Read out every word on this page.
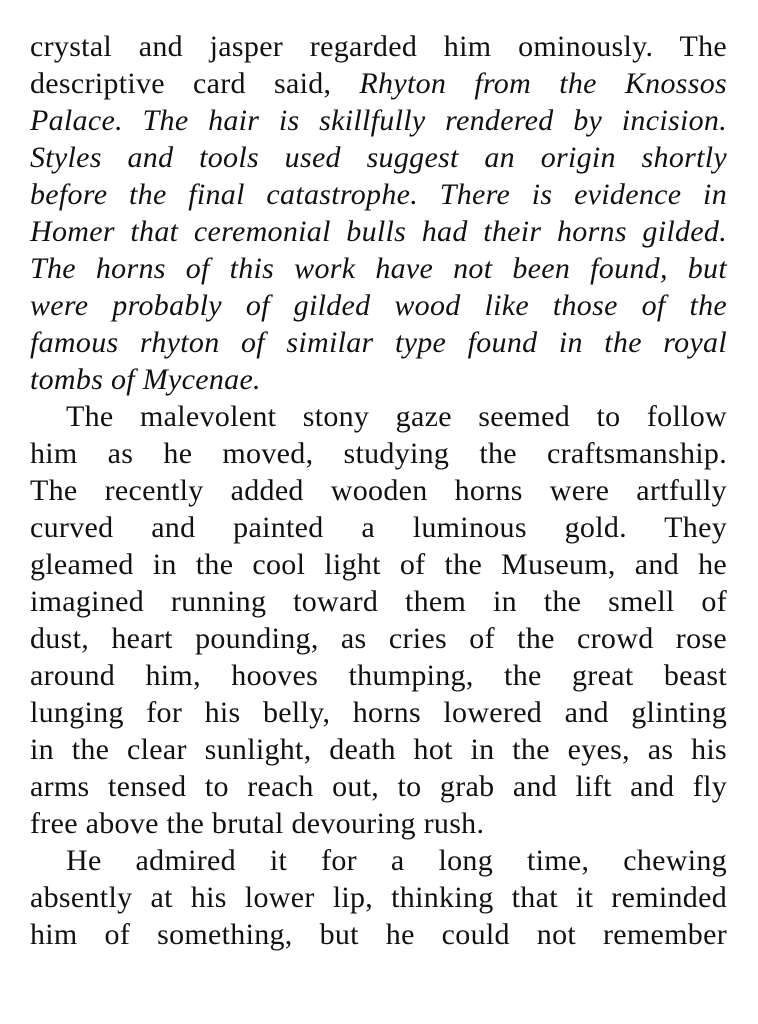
crystal and jasper regarded him ominously. The
descriptive card said, Rhyton from the Knossos
Palace. The hair is skillfully rendered by incision.
Styles and tools used suggest an origin shortly
before the final catastrophe. There is evidence in
Homer that ceremonial bulls had their horns gilded.
The horns of this work have not been found, but
were probably of gilded wood like those of the
famous rhyton of similar type found in the royal
tombs of Mycenae.
The malevolent stony gaze seemed to follow
him as he moved, studying the craftsmanship.
The recently added wooden horns were artfully
curved and painted a luminous gold. They
gleamed in the cool light of the Museum, and he
imagined running toward them in the smell of
dust, heart pounding, as cries of the crowd rose
around him, hooves thumping, the great beast
lunging for his belly, horns lowered and glinting
in the clear sunlight, death hot in the eyes, as his
arms tensed to reach out, to grab and lift and fly
free above the brutal devouring rush.
He admired it for a long time, chewing
absently at his lower lip, thinking that it reminded
him of something, but he could not remember
